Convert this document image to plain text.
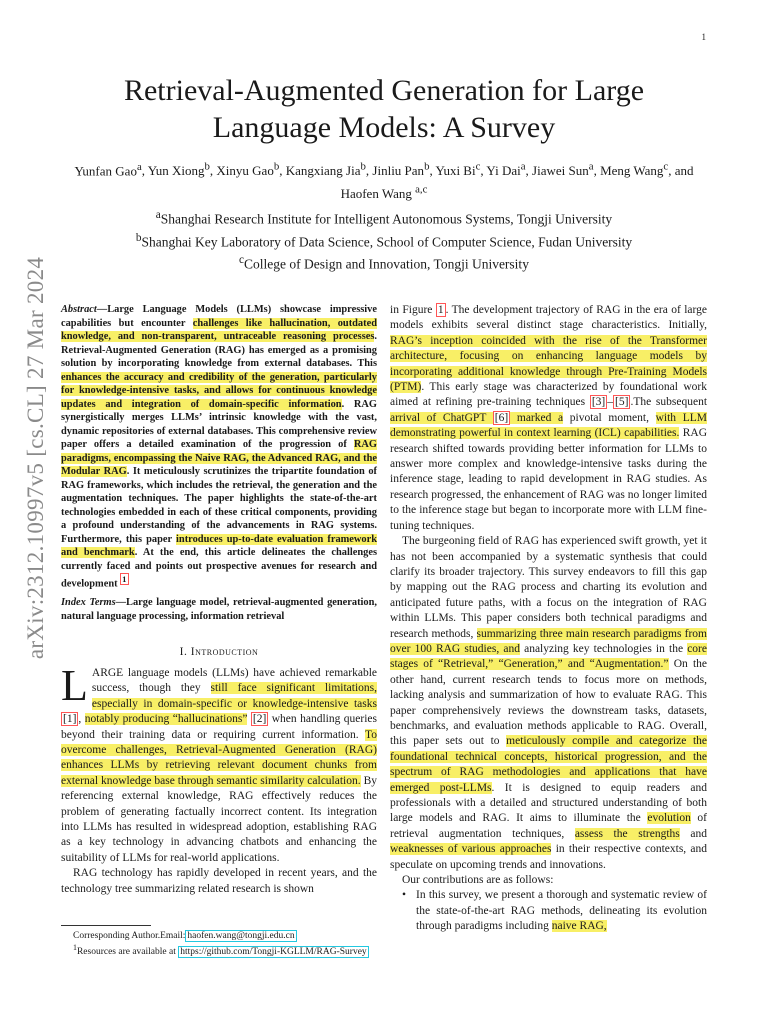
1
arXiv:2312.10997v5 [cs.CL] 27 Mar 2024
Retrieval-Augmented Generation for Large Language Models: A Survey
Yunfan Gao$^a$, Yun Xiong$^b$, Xinyu Gao$^b$, Kangxiang Jia$^b$, Jinliu Pan$^b$, Yuxi Bi$^c$, Yi Dai$^a$, Jiawei Sun$^a$, Meng Wang$^c$, and Haofen Wang $^{a,c}$
$^a$Shanghai Research Institute for Intelligent Autonomous Systems, Tongji University
$^b$Shanghai Key Laboratory of Data Science, School of Computer Science, Fudan University
$^c$College of Design and Innovation, Tongji University
Abstract—Large Language Models (LLMs) showcase impressive capabilities but encounter challenges like hallucination, outdated knowledge, and non-transparent, untraceable reasoning processes. Retrieval-Augmented Generation (RAG) has emerged as a promising solution by incorporating knowledge from external databases. This enhances the accuracy and credibility of the generation, particularly for knowledge-intensive tasks, and allows for continuous knowledge updates and integration of domain-specific information. RAG synergistically merges LLMs’ intrinsic knowledge with the vast, dynamic repositories of external databases. This comprehensive review paper offers a detailed examination of the progression of RAG paradigms, encompassing the Naive RAG, the Advanced RAG, and the Modular RAG. It meticulously scrutinizes the tripartite foundation of RAG frameworks, which includes the retrieval, the generation and the augmentation techniques. The paper highlights the state-of-the-art technologies embedded in each of these critical components, providing a profound understanding of the advancements in RAG systems. Furthermore, this paper introduces up-to-date evaluation framework and benchmark. At the end, this article delineates the challenges currently faced and points out prospective avenues for research and development $^1$
Index Terms—Large language model, retrieval-augmented generation, natural language processing, information retrieval
I. Introduction

LARGE language models (LLMs) have achieved remarkable success, though they still face significant limitations, especially in domain-specific or knowledge-intensive tasks [1] , notably producing “hallucinations” [2] when handling queries beyond their training data or requiring current information. To overcome challenges, Retrieval-Augmented Generation (RAG) enhances LLMs by retrieving relevant document chunks from external knowledge base through semantic similarity calculation. By referencing external knowledge, RAG effectively reduces the problem of generating factually incorrect content. Its integration into LLMs has resulted in widespread adoption, establishing RAG as a key technology in advancing chatbots and enhancing the suitability of LLMs for real-world applications.

RAG technology has rapidly developed in recent years, and the technology tree summarizing related research is shown

Corresponding Author.Email: haofen.wang@tongji.edu.cn

$^1$Resources are available at https://github.com/Tongji-KGLLM/RAG-Survey

in Figure 1 . The development trajectory of RAG in the era of large models exhibits several distinct stage characteristics. Initially, RAG’s inception coincided with the rise of the Transformer architecture, focusing on enhancing language models by incorporating additional knowledge through Pre-Training Models (PTM). This early stage was characterized by foundational work aimed at refining pre-training techniques [3] – [5] .The subsequent arrival of ChatGPT [6] marked a pivotal moment, with LLM demonstrating powerful in context learning (ICL) capabilities. RAG research shifted towards providing better information for LLMs to answer more complex and knowledge-intensive tasks during the inference stage, leading to rapid development in RAG studies. As research progressed, the enhancement of RAG was no longer limited to the inference stage but began to incorporate more with LLM fine-tuning techniques.

The burgeoning field of RAG has experienced swift growth, yet it has not been accompanied by a systematic synthesis that could clarify its broader trajectory. This survey endeavors to fill this gap by mapping out the RAG process and charting its evolution and anticipated future paths, with a focus on the integration of RAG within LLMs. This paper considers both technical paradigms and research methods, summarizing three main research paradigms from over 100 RAG studies, and analyzing key technologies in the core stages of “Retrieval,” “Generation,” and “Augmentation.” On the other hand, current research tends to focus more on methods, lacking analysis and summarization of how to evaluate RAG. This paper comprehensively reviews the downstream tasks, datasets, benchmarks, and evaluation methods applicable to RAG. Overall, this paper sets out to meticulously compile and categorize the foundational technical concepts, historical progression, and the spectrum of RAG methodologies and applications that have emerged post-LLMs. It is designed to equip readers and professionals with a detailed and structured understanding of both large models and RAG. It aims to illuminate the evolution of retrieval augmentation techniques, assess the strengths and weaknesses of various approaches in their respective contexts, and speculate on upcoming trends and innovations.

Our contributions are as follows:

• In this survey, we present a thorough and systematic review of the state-of-the-art RAG methods, delineating its evolution through paradigms including naive RAG,
